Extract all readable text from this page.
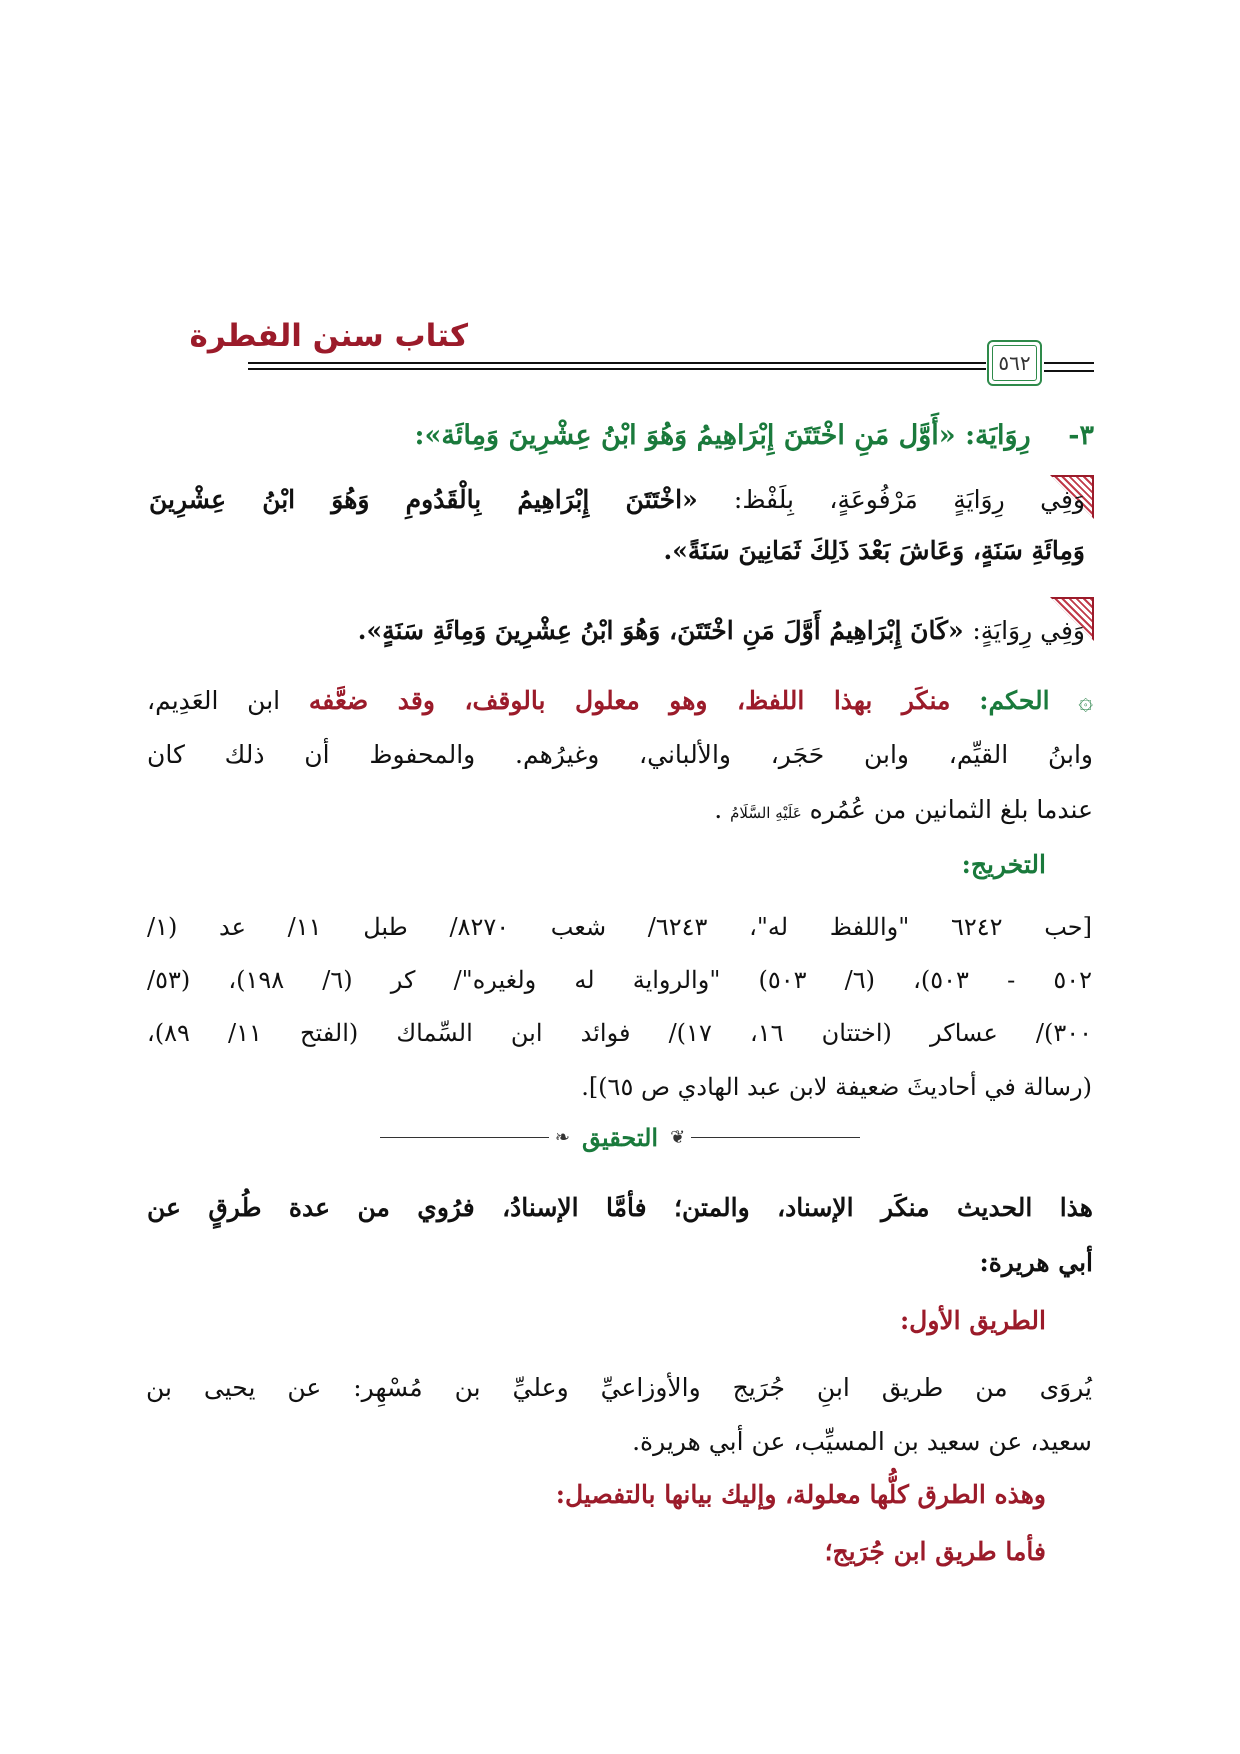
كتاب سنن الفطرة
٥٦٢
٣-    رِوَايَة: «أَوَّل مَنِ اخْتَتَنَ إِبْرَاهِيمُ وَهُوَ ابْنُ عِشْرِينَ وَمِائَة»:
وَفِي رِوَايَةٍ مَرْفُوعَةٍ، بِلَفْظ: «اخْتَتَنَ إِبْرَاهِيمُ بِالْقَدُومِ وَهُوَ ابْنُ عِشْرِينَ
وَمِائَةِ سَنَةٍ، وَعَاشَ بَعْدَ ذَلِكَ ثَمَانِينَ سَنَةً».
وَفِي رِوَايَةٍ: «كَانَ إِبْرَاهِيمُ أَوَّلَ مَنِ اخْتَتَنَ، وَهُوَ ابْنُ عِشْرِينَ وَمِائَةِ سَنَةٍ».
۞ الحكم: منكَر بهذا اللفظ، وهو معلول بالوقف، وقد ضعَّفه ابن العَدِيم،
وابنُ القيِّم، وابن حَجَر، والألباني، وغيرُهم. والمحفوظ أن ذلك كان
عندما بلغ الثمانين من عُمُره عَلَيْهِ السَّلَامُ .
التخريج:
[حب ٦٢٤٢ "واللفظ له"، ٦٢٤٣/ شعب ٨٢٧٠/ طبل ١١/ عد (١/
٥٠٢ - ٥٠٣)، (٦/ ٥٠٣) "والرواية له ولغيره"/ كر (٦/ ١٩٨)، (٥٣/
٣٠٠)/ عساكر (اختتان ١٦، ١٧)/ فوائد ابن السِّماك (الفتح ١١/ ٨٩)،
(رسالة في أحاديثَ ضعيفة لابن عبد الهادي ص ٦٥)].
❧ التحقيق ❦
هذا الحديث منكَر الإسناد، والمتن؛ فأمَّا الإسنادُ، فرُوي من عدة طُرقٍ عن
أبي هريرة:
الطريق الأول:
يُروَى من طريق ابنِ جُرَيج والأوزاعيِّ وعليِّ بن مُسْهِر: عن يحيى بن
سعيد، عن سعيد بن المسيِّب، عن أبي هريرة.
وهذه الطرق كلُّها معلولة، وإليك بيانها بالتفصيل:
فأما طريق ابن جُرَيج؛
